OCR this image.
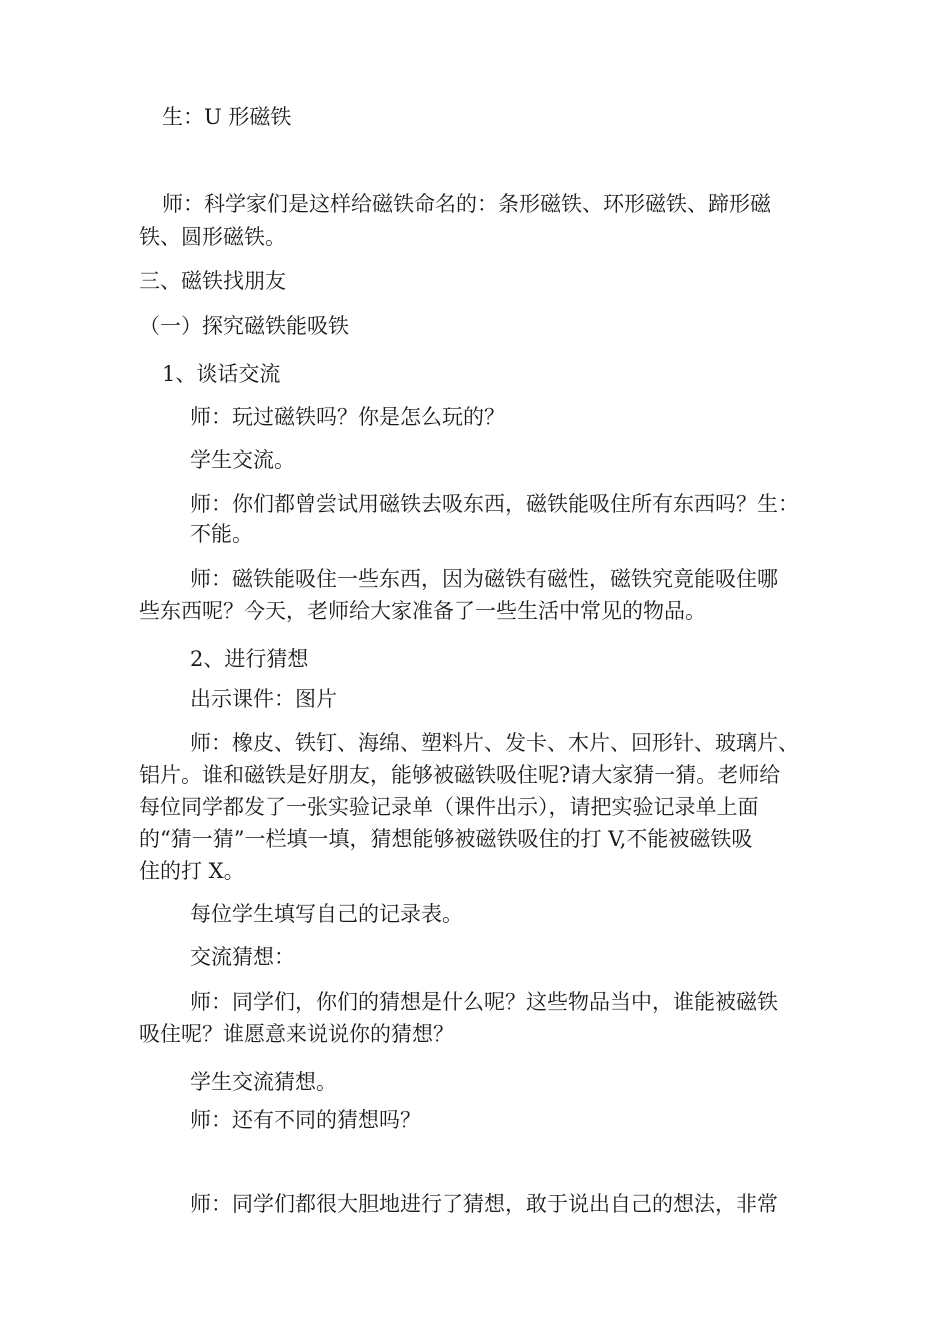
生：U 形磁铁
师：科学家们是这样给磁铁命名的：条形磁铁、环形磁铁、蹄形磁
铁、圆形磁铁。
三、磁铁找朋友
（一）探究磁铁能吸铁
1、谈话交流
师：玩过磁铁吗？你是怎么玩的？
学生交流。
师：你们都曾尝试用磁铁去吸东西，磁铁能吸住所有东西吗？生：
不能。
师：磁铁能吸住一些东西，因为磁铁有磁性，磁铁究竟能吸住哪
些东西呢？今天，老师给大家准备了一些生活中常见的物品。
2、进行猜想
出示课件：图片
师：橡皮、铁钉、海绵、塑料片、发卡、木片、回形针、玻璃片、
铝片。谁和磁铁是好朋友，能够被磁铁吸住呢?请大家猜一猜。老师给
每位同学都发了一张实验记录单（课件出示），请把实验记录单上面
的“猜一猜”一栏填一填，猜想能够被磁铁吸住的打 V,不能被磁铁吸
住的打 X。
每位学生填写自己的记录表。
交流猜想：
师：同学们，你们的猜想是什么呢？这些物品当中，谁能被磁铁
吸住呢？谁愿意来说说你的猜想？
学生交流猜想。
师：还有不同的猜想吗？
师：同学们都很大胆地进行了猜想，敢于说出自己的想法，非常
